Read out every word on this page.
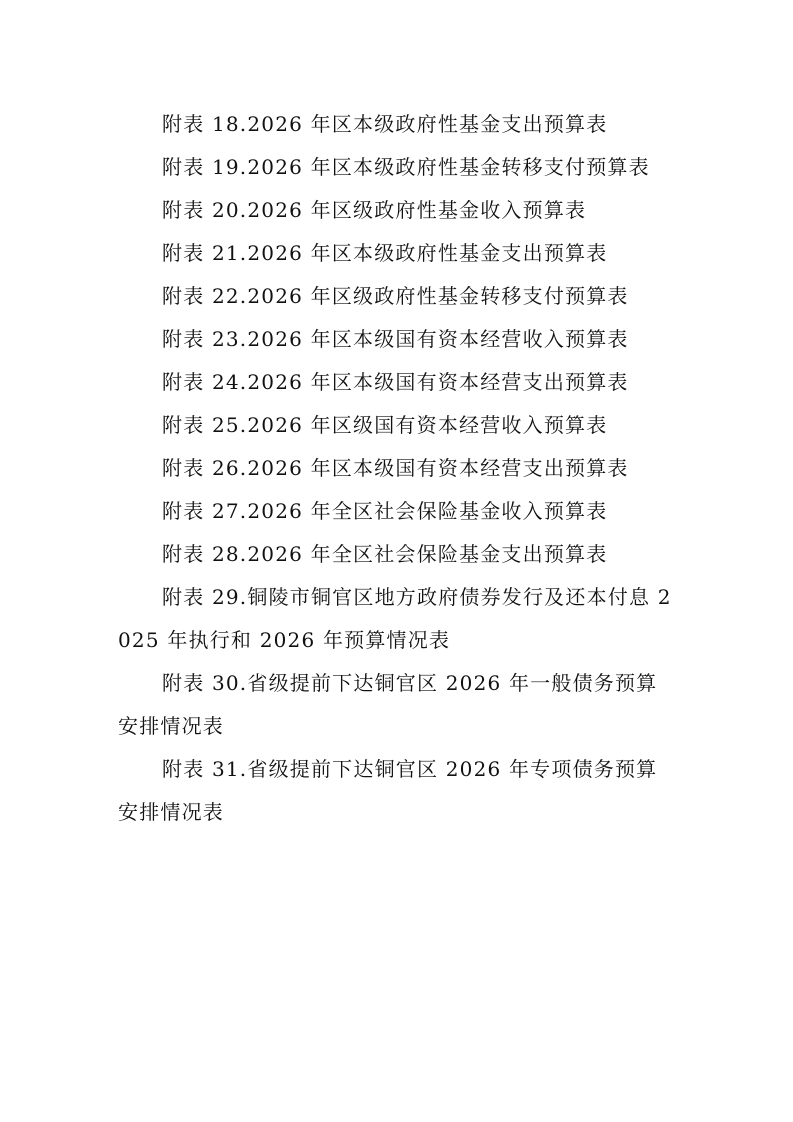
附表 18.2026 年区本级政府性基金支出预算表

附表 19.2026 年区本级政府性基金转移支付预算表

附表 20.2026 年区级政府性基金收入预算表

附表 21.2026 年区本级政府性基金支出预算表

附表 22.2026 年区级政府性基金转移支付预算表

附表 23.2026 年区本级国有资本经营收入预算表

附表 24.2026 年区本级国有资本经营支出预算表

附表 25.2026 年区级国有资本经营收入预算表

附表 26.2026 年区本级国有资本经营支出预算表

附表 27.2026 年全区社会保险基金收入预算表

附表 28.2026 年全区社会保险基金支出预算表

附表 29.铜陵市铜官区地方政府债券发行及还本付息 2025 年执行和 2026 年预算情况表

附表 30.省级提前下达铜官区 2026 年一般债务预算安排情况表

附表 31.省级提前下达铜官区 2026 年专项债务预算安排情况表
